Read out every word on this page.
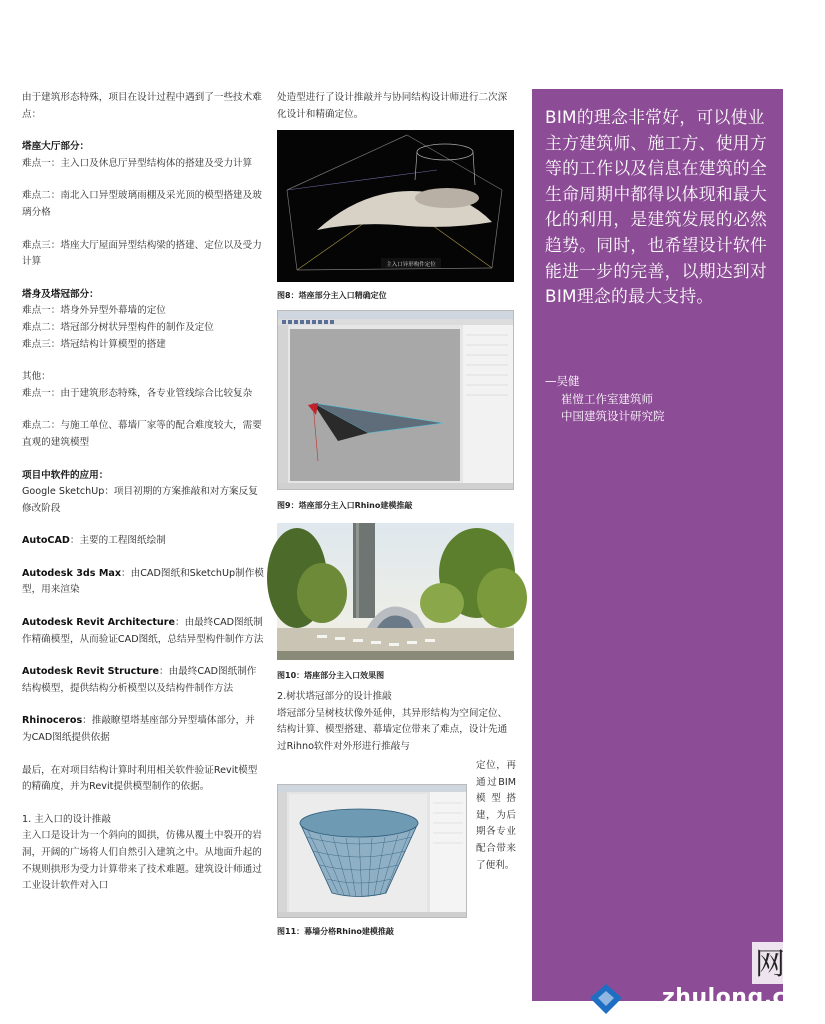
由于建筑形态特殊，项目在设计过程中遇到了一些技术难点：

塔座大厅部分：

难点一：主入口及休息厅异型结构体的搭建及受力计算

难点二：南北入口异型玻璃雨棚及采光顶的模型搭建及玻璃分格

难点三：塔座大厅屋面异型结构梁的搭建、定位以及受力计算

塔身及塔冠部分：

难点一：塔身外异型外幕墙的定位

难点二：塔冠部分树状异型构件的制作及定位

难点三：塔冠结构计算模型的搭建

其他：

难点一：由于建筑形态特殊，各专业管线综合比较复杂

难点二：与施工单位、幕墙厂家等的配合难度较大，需要直观的建筑模型

项目中软件的应用：

Google SketchUp：项目初期的方案推敲和对方案反复修改阶段

AutoCAD：主要的工程图纸绘制

Autodesk 3ds Max：由CAD图纸和SketchUp制作模型，用来渲染

Autodesk Revit Architecture：由最终CAD图纸制作精确模型，从而验证CAD图纸，总结异型构件制作方法

Autodesk Revit Structure：由最终CAD图纸制作结构模型，提供结构分析模型以及结构件制作方法

Rhinoceros：推敲瞭望塔基座部分异型墙体部分，并为CAD图纸提供依据

最后，在对项目结构计算时利用相关软件验证Revit模型的精确度，并为Revit提供模型制作的依据。

1. 主入口的设计推敲

主入口是设计为一个斜向的圆拱，仿佛从覆土中裂开的岩洞，开阔的广场将人们自然引入建筑之中。从地面升起的不规则拱形为受力计算带来了技术难题。建筑设计师通过工业设计软件对入口

处造型进行了设计推敲并与协同结构设计师进行二次深化设计和精确定位。

主入口异形构件定位
图8：塔座部分主入口精确定位
图9：塔座部分主入口Rhino建模推敲
图10：塔座部分主入口效果图

2.树状塔冠部分的设计推敲

塔冠部分呈树枝状像外延伸，其异形结构为空间定位、结构计算、模型搭建、幕墙定位带来了难点，设计先通过Rihno软件对外形进行推敲与

定位，再通过BIM模型搭建，为后期各专业配合带来了便利。
图11：幕墙分格Rhino建模推敲
BIM的理念非常好，可以使业主方建筑师、施工方、使用方等的工作以及信息在建筑的全生命周期中都得以体现和最大化的利用，是建筑发展的必然趋势。同时，也希望设计软件能进一步的完善，以期达到对BIM理念的最大支持。
—吴健
崔愷工作室建筑师
中国建筑设计研究院
网
zhulong.com
